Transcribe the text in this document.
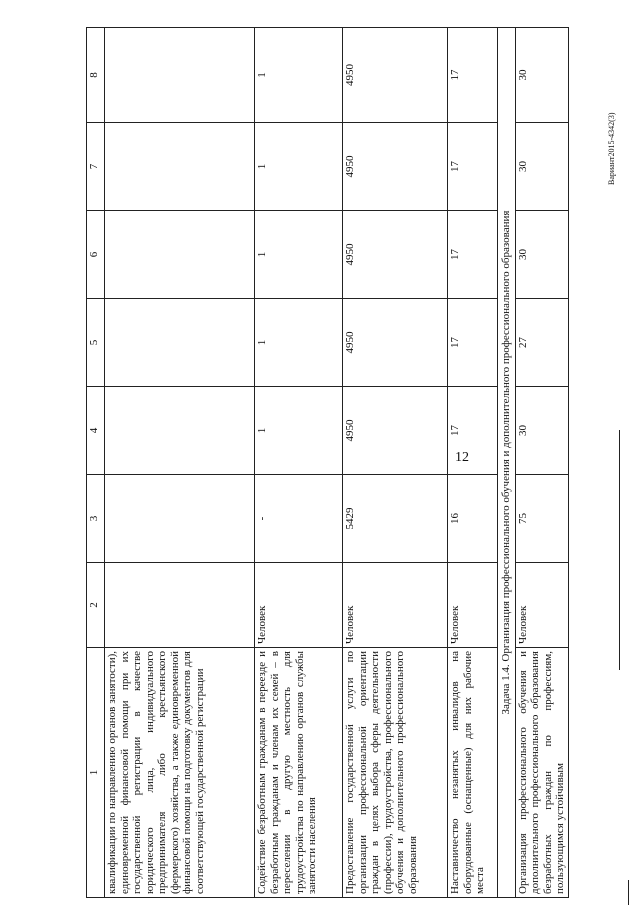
12
Вариант2015-4342(3)
1	2	3	4	5	6	7	8
квалификации по направлению органов занятости), единовременной финансовой помощи при их государственной регистрации в качестве юридического лица, индивидуального предпринимателя либо крестьянского (фермерского) хозяйства, а также единовременной финансовой помощи на подготовку документов для соответствующей государственной регистрации							
Содействие безработным гражданам в переезде и безработным гражданам и членам их семей – в переселении в другую местность для трудоустройства по направлению органов службы занятости населения	Человек	-	1	1	1	1	1
Предоставление государственной услуги по организации профессиональной ориентации граждан в целях выбора сферы деятельности (профессии), трудоустройства, профессионального обучения и дополнительного профессионального образования	Человек	5429	4950	4950	4950	4950	4950
Наставничество незанятых инвалидов на оборудованные (оснащенные) для них рабочие места	Человек	16	17	17	17	17	17
Задача 1.4. Организация профессионального обучения и дополнительного профессионального образования							
Организация профессионального обучения и дополнительного профессионального образования безработных граждан по профессиям, пользующимся устойчивым	Человек	75	30	27	30	30	30
